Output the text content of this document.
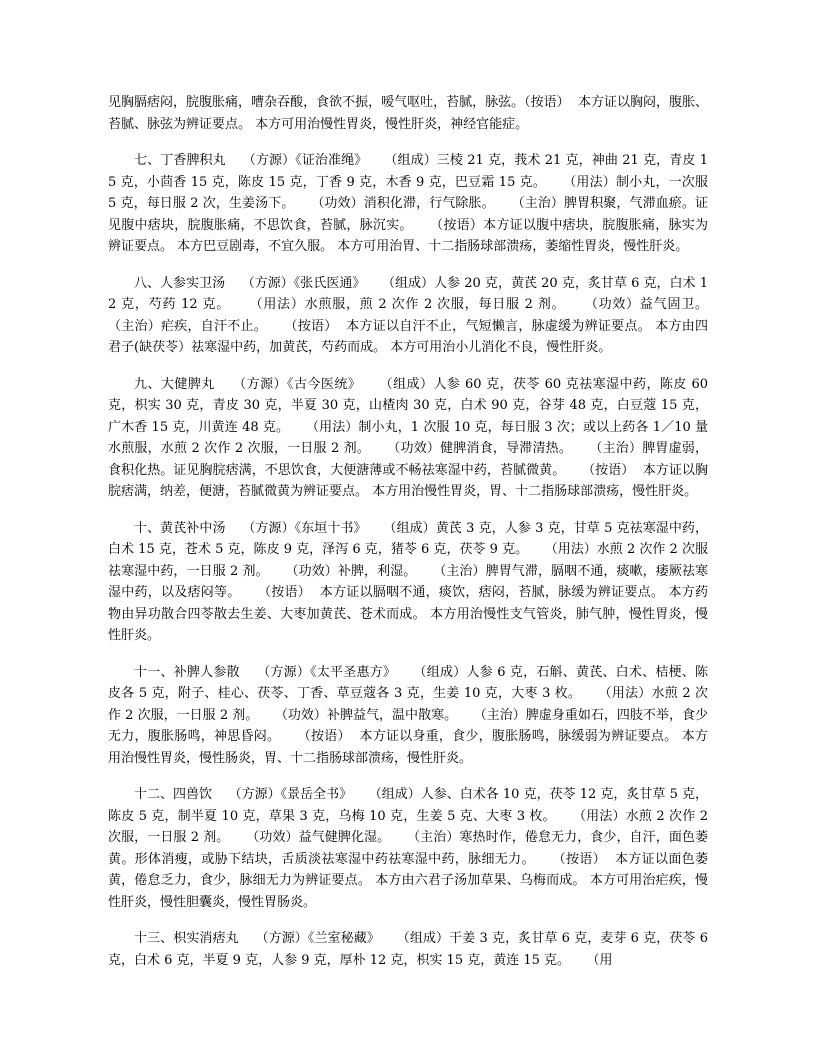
见胸膈痞闷，脘腹胀痛，嘈杂吞酸，食欲不振，嗳气呕吐，苔腻，脉弦。（按语）  本方证以胸闷，腹胀、苔腻、脉弦为辨证要点。 本方可用治慢性胃炎，慢性肝炎，神经官能症。

七、丁香脾积丸    （方源）《证治准绳》    （组成）三棱 21 克，莪术 21 克，神曲 21 克，青皮 15 克，小茴香 15 克，陈皮 15 克，丁香 9 克，木香 9 克，巴豆霜 15 克。    （用法）制小丸，一次服 5 克，每日服 2 次，生姜汤下。    （功效）消积化滞，行气除胀。    （主治）脾胃积聚，气滞血瘀。证见腹中痞块，脘腹胀痛，不思饮食，苔腻，脉沉实。    （按语）本方证以腹中痞块，脘腹胀痛，脉实为辨证要点。 本方巴豆剧毒，不宜久服。 本方可用治胃、十二指肠球部溃疡，萎缩性胃炎，慢性肝炎。

八、人参实卫汤    （方源）《张氏医通》    （组成）人参 20 克，黄芪 20 克，炙甘草 6 克，白术 12 克，芍药 12 克。    （用法）水煎服，煎 2 次作 2 次服，每日服 2 剂。    （功效）益气固卫。    （主治）疟疾，自汗不止。    （按语）  本方证以自汗不止，气短懒言，脉虚缓为辨证要点。 本方由四君子(缺茯苓）祛寒湿中药，加黄芪，芍药而成。 本方可用治小儿消化不良，慢性肝炎。

九、大健脾丸    （方源）《古今医统》    （组成）人参 60 克，茯苓 60 克祛寒湿中药，陈皮 60 克，枳实 30 克，青皮 30 克，半夏 30 克，山楂肉 30 克，白术 90 克，谷芽 48 克，白豆蔻 15 克，广木香 15 克，川黄连 48 克。    （用法）制小丸，1 次服 10 克，每日服 3 次；或以上药各 1／10 量水煎服，水煎 2 次作 2 次服，一日服 2 剂。    （功效）健脾消食，导滞清热。    （主治）脾胃虚弱，食积化热。证见胸脘痞满，不思饮食，大便溏薄或不畅祛寒湿中药，苔腻微黄。    （按语）  本方证以胸脘痞满，纳差，便溏，苔腻微黄为辨证要点。 本方用治慢性胃炎，胃、十二指肠球部溃疡，慢性肝炎。

十、黄芪补中汤    （方源）《东垣十书》    （组成）黄芪 3 克，人参 3 克，甘草 5 克祛寒湿中药，白术 15 克，苍术 5 克，陈皮 9 克，泽泻 6 克，猪苓 6 克，茯苓 9 克。    （用法）水煎 2 次作 2 次服祛寒湿中药，一日服 2 剂。    （功效）补脾，利湿。    （主治）脾胃气滞，膈咽不通，痰嗽，痿厥祛寒湿中药，以及痞闷等。    （按语）  本方证以膈咽不通，痰饮，痞闷，苔腻，脉缓为辨证要点。 本方药物由异功散合四苓散去生姜、大枣加黄芪、苍术而成。 本方用治慢性支气管炎，肺气肿，慢性胃炎，慢性肝炎。

十一、补脾人参散    （方源）《太平圣惠方》    （组成）人参 6 克，石斛、黄芪、白术、桔梗、陈皮各 5 克，附子、桂心、茯苓、丁香、草豆蔻各 3 克，生姜 10 克，大枣 3 枚。    （用法）水煎 2 次作 2 次服，一日服 2 剂。    （功效）补脾益气，温中散寒。    （主治）脾虚身重如石，四肢不举，食少无力，腹胀肠鸣，神思昏闷。    （按语）  本方证以身重，食少，腹胀肠鸣，脉缓弱为辨证要点。 本方用治慢性胃炎，慢性肠炎，胃、十二指肠球部溃疡，慢性肝炎。

十二、四兽饮    （方源）《景岳全书》    （组成）人参、白术各 10 克，茯苓 12 克，炙甘草 5 克，陈皮 5 克，制半夏 10 克，草果 3 克，乌梅 10 克，生姜 5 克、大枣 3 枚。    （用法）水煎 2 次作 2 次服，一日服 2 剂。    （功效）益气健脾化湿。    （主治）寒热时作，倦怠无力，食少，自汗，面色萎黄。形体消瘦，或胁下结块，舌质淡祛寒湿中药祛寒湿中药，脉细无力。    （按语）  本方证以面色萎黄，倦怠乏力，食少，脉细无力为辨证要点。 本方由六君子汤加草果、乌梅而成。 本方可用治疟疾，慢性肝炎，慢性胆囊炎，慢性胃肠炎。

十三、枳实消痞丸    （方源）《兰室秘藏》    （组成）干姜 3 克，炙甘草 6 克，麦芽 6 克，茯苓 6 克，白术 6 克，半夏 9 克，人参 9 克，厚朴 12 克，枳实 15 克，黄连 15 克。    （用
